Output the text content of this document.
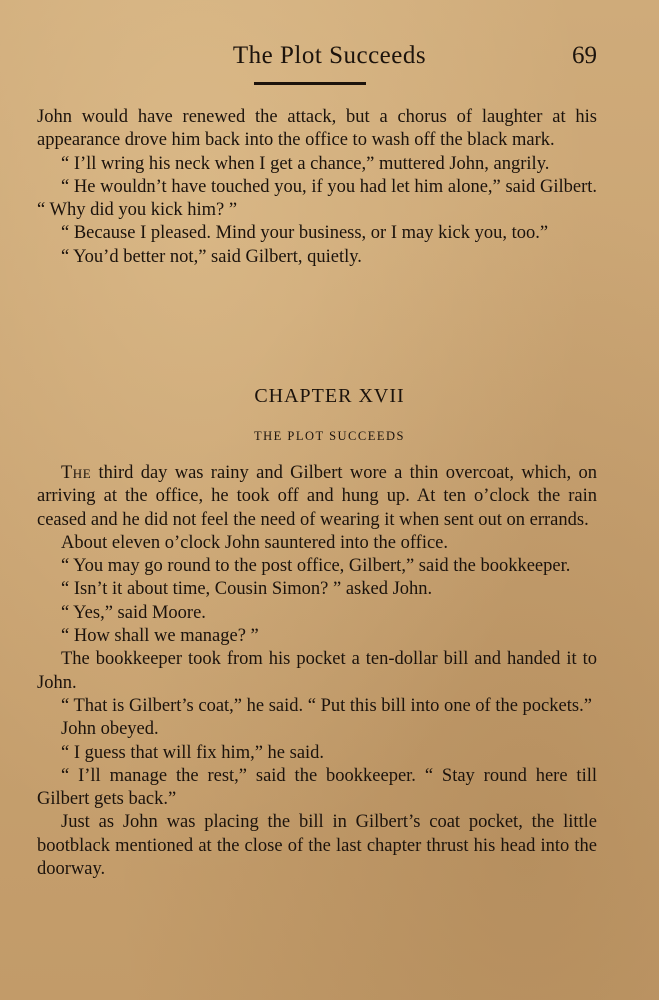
The Plot Succeeds	69

John would have renewed the attack, but a chorus of laughter at his appearance drove him back into the office to wash off the black mark.

“ I’ll wring his neck when I get a chance,” muttered John, angrily.

“ He wouldn’t have touched you, if you had let him alone,” said Gilbert. “ Why did you kick him? ”

“ Because I pleased. Mind your business, or I may kick you, too.”

“ You’d better not,” said Gilbert, quietly.

CHAPTER XVII
THE PLOT SUCCEEDS

The third day was rainy and Gilbert wore a thin overcoat, which, on arriving at the office, he took off and hung up. At ten o’clock the rain ceased and he did not feel the need of wearing it when sent out on errands.

About eleven o’clock John sauntered into the office.

“ You may go round to the post office, Gilbert,” said the bookkeeper.

“ Isn’t it about time, Cousin Simon? ” asked John.

“ Yes,” said Moore.

“ How shall we manage? ”

The bookkeeper took from his pocket a ten-dollar bill and handed it to John.

“ That is Gilbert’s coat,” he said. “ Put this bill into one of the pockets.”

John obeyed.

“ I guess that will fix him,” he said.

“ I’ll manage the rest,” said the bookkeeper. “ Stay round here till Gilbert gets back.”

Just as John was placing the bill in Gilbert’s coat pocket, the little bootblack mentioned at the close of the last chapter thrust his head into the doorway.
